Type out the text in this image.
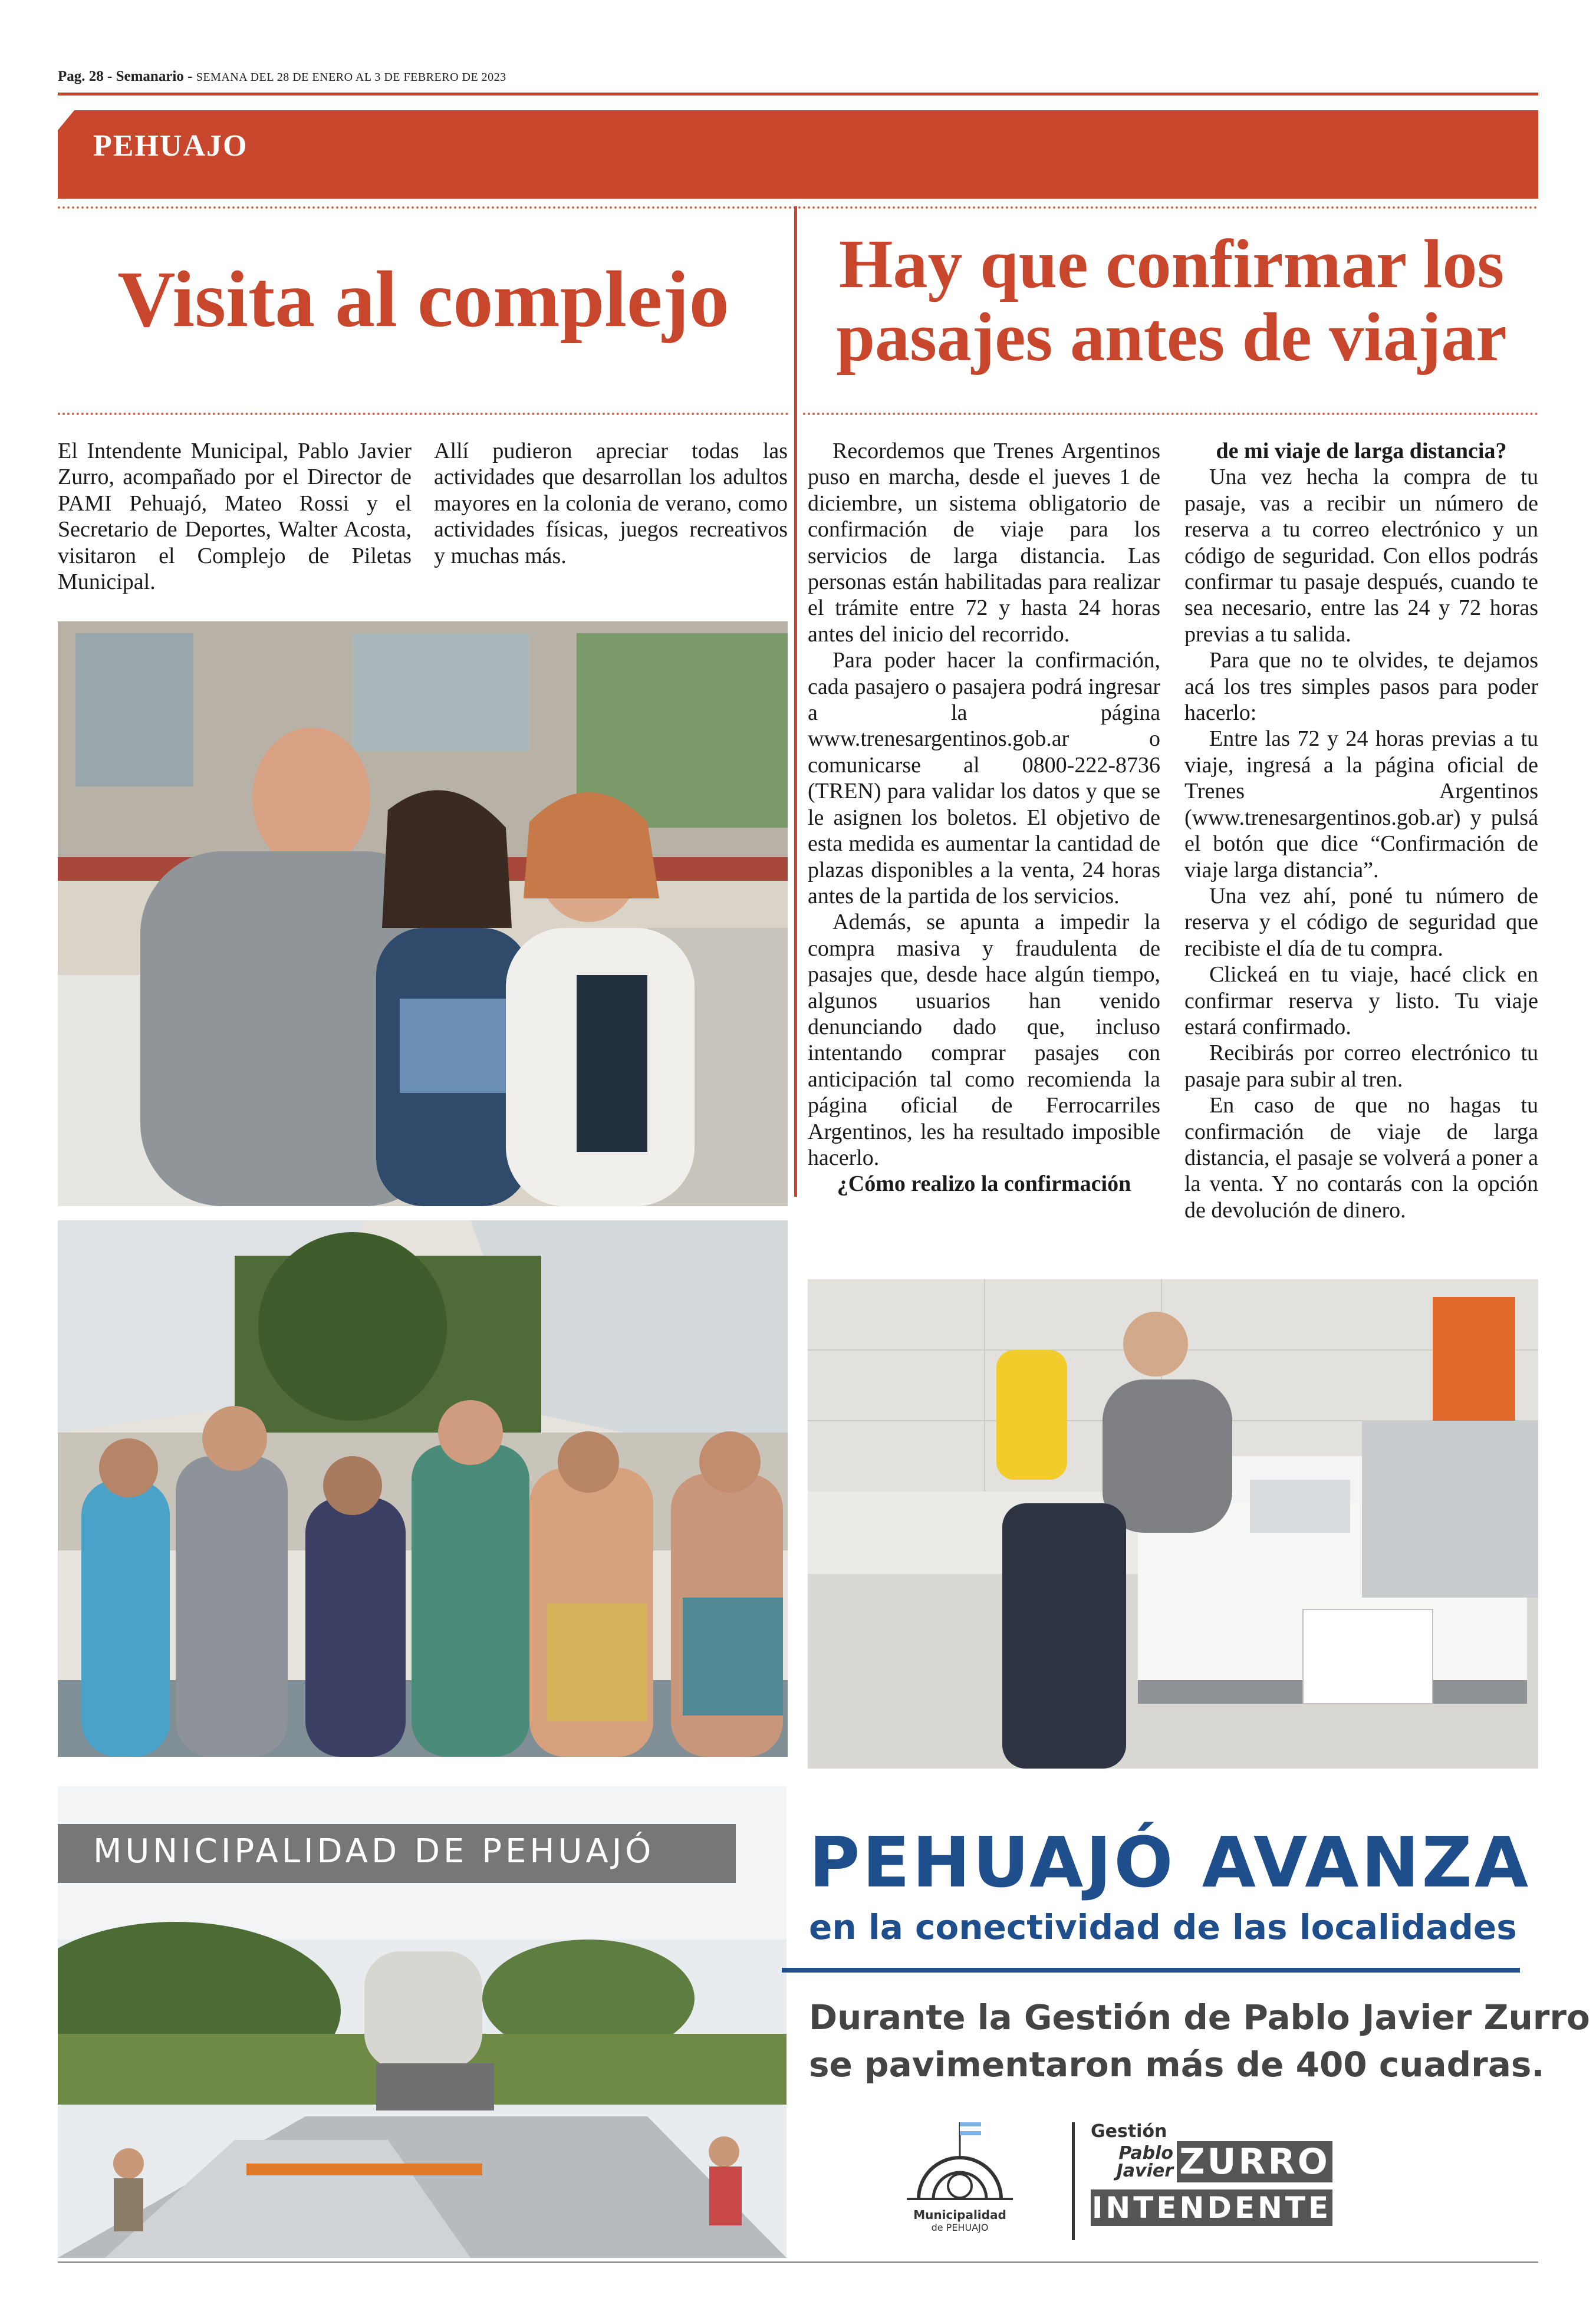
Pag. 28 - Semanario - SEMANA DEL 28 DE ENERO AL 3 DE FEBRERO DE 2023
PEHUAJO
Visita al complejo

El Intendente Municipal, Pablo Javier Zurro, acompañado por el Director de PAMI Pehuajó, Mateo Rossi y el Secretario de Deportes, Walter Acosta, visitaron el Complejo de Piletas Municipal.

Allí pudieron apreciar todas las actividades que desarrollan los adultos mayores en la colonia de verano, como actividades físicas, juegos recreativos y muchas más.

Hay que confirmar los
pasajes antes de viajar

Recordemos que Trenes Argentinos puso en marcha, desde el jueves 1 de diciembre, un sistema obligatorio de confirmación de viaje para los servicios de larga distancia. Las personas están habilitadas para realizar el trámite entre 72 y hasta 24 horas antes del inicio del recorrido.

Para poder hacer la confirmación, cada pasajero o pasajera podrá ingresar a la página www.trenesargentinos.gob.ar o comunicarse al 0800-222-8736 (TREN) para validar los datos y que se le asignen los boletos. El objetivo de esta medida es aumentar la cantidad de plazas disponibles a la venta, 24 horas antes de la partida de los servicios.

Además, se apunta a impedir la compra masiva y fraudulenta de pasajes que, desde hace algún tiempo, algunos usuarios han venido denunciando dado que, incluso intentando comprar pasajes con anticipación tal como recomienda la página oficial de Ferrocarriles Argentinos, les ha resultado imposible hacerlo.

¿Cómo realizo la confirmación

de mi viaje de larga distancia?

Una vez hecha la compra de tu pasaje, vas a recibir un número de reserva a tu correo electrónico y un código de seguridad. Con ellos podrás confirmar tu pasaje después, cuando te sea necesario, entre las 24 y 72 horas previas a tu salida.

Para que no te olvides, te dejamos acá los tres simples pasos para poder hacerlo:

Entre las 72 y 24 horas previas a tu viaje, ingresá a la página oficial de Trenes Argentinos (www.trenesargentinos.gob.ar) y pulsá el botón que dice “Confirmación de viaje larga distancia”.

Una vez ahí, poné tu número de reserva y el código de seguridad que recibiste el día de tu compra.

Clickeá en tu viaje, hacé click en confirmar reserva y listo. Tu viaje estará confirmado.

Recibirás por correo electrónico tu pasaje para subir al tren.

En caso de que no hagas tu confirmación de viaje de larga distancia, el pasaje se volverá a poner a la venta. Y no contarás con la opción de devolución de dinero.

MUNICIPALIDAD DE PEHUAJÓ PEHUAJÓ AVANZA
en la conectividad de las localidades
Durante la Gestión de Pablo Javier Zurro
se pavimentaron más de 400 cuadras.
Municipalidad
de PEHUAJO
Gestión
Pablo
Javier ZURRO
INTENDENTE
